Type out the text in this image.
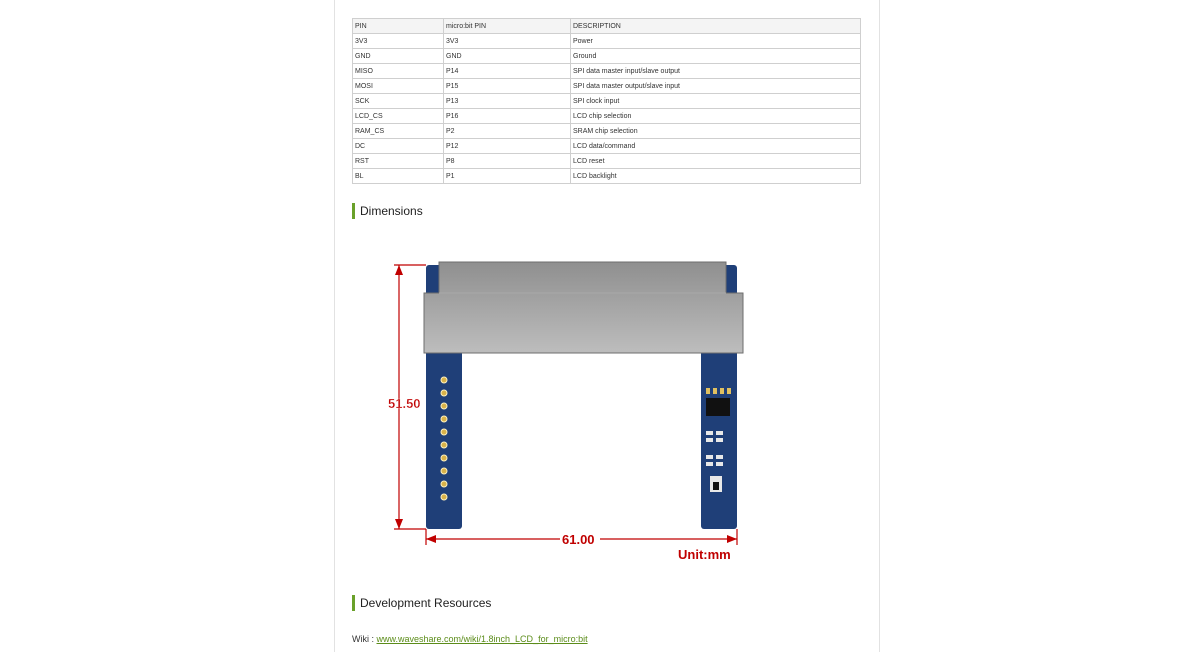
PIN	micro:bit PIN	DESCRIPTION
3V3	3V3	Power
GND	GND	Ground
MISO	P14	SPI data master input/slave output
MOSI	P15	SPI data master output/slave input
SCK	P13	SPI clock input
LCD_CS	P16	LCD chip selection
RAM_CS	P2	SRAM chip selection
DC	P12	LCD data/command
RST	P8	LCD reset
BL	P1	LCD backlight
Dimensions
51.50
61.00
Unit:mm
Development Resources
Wiki : www.waveshare.com/wiki/1.8inch_LCD_for_micro:bit
